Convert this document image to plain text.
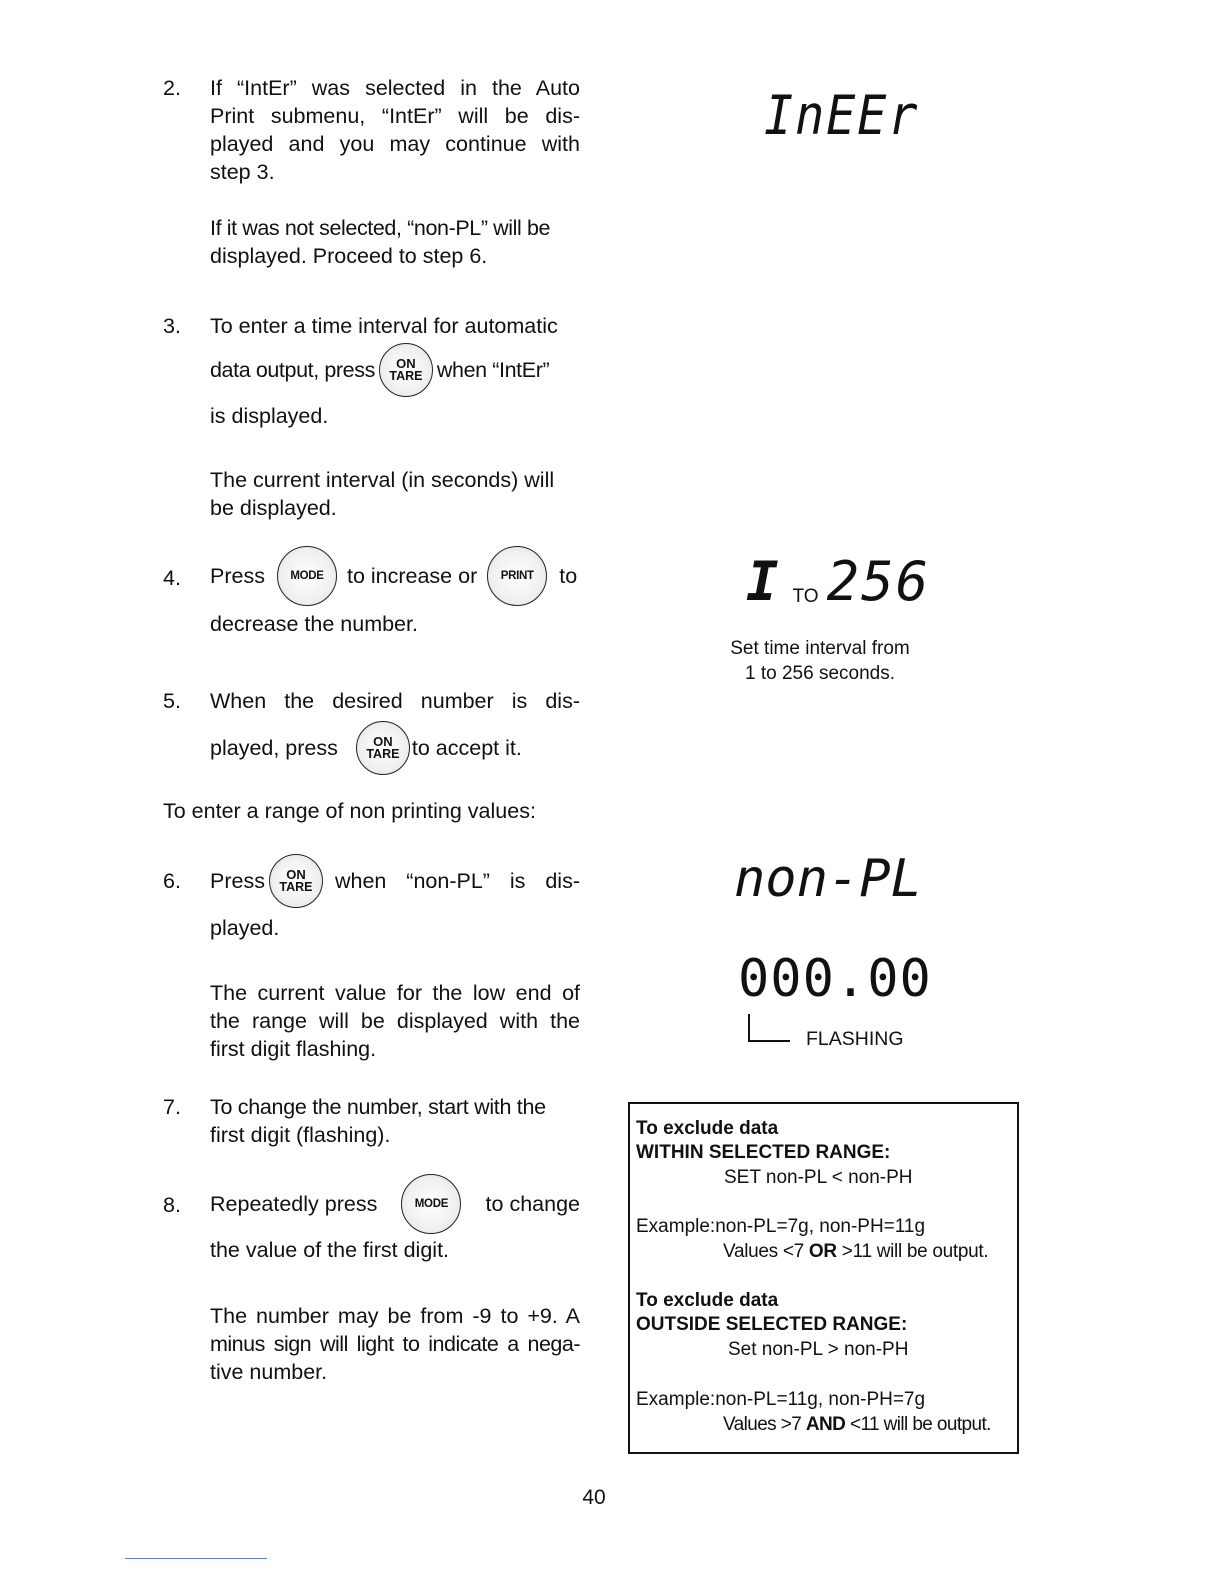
2. If “IntEr” was selected in the Auto
Print submenu, “IntEr” will be dis-
played and you may continue with
step 3.
If it was not selected, “non-PL” will be
displayed. Proceed to step 6.
3. To enter a time interval for automatic
data output, press ON
TARE when “IntEr”
is displayed.
The current interval (in seconds) will
be displayed.
4. Press MODE to increase or PRINT to
decrease the number.
5. When the desired number is dis-
played, press	ON
TARE to accept it.
To enter a range of non printing values:
6. Press ON
TARE when “non-PL” is dis-
played.
The current value for the low end of
the range will be displayed with the
first digit flashing.
7. To change the number, start with the
first digit (flashing).
8. Repeatedly press	MODE to change
the value of the first digit.
The number may be from -9 to +9. A
minus sign will light to indicate a nega-
tive number.
InEEr
I TO 256
Set time interval from
1 to 256 seconds.
non-PL
000.00
FLASHING
To exclude data
WITHIN SELECTED RANGE:
SET non-PL < non-PH
Example:non-PL=7g, non-PH=11g
Values <7 OR >11 will be output.
To exclude data
OUTSIDE SELECTED RANGE:
Set non-PL > non-PH
Example:non-PL=11g, non-PH=7g
Values >7 AND <11 will be output.
40
